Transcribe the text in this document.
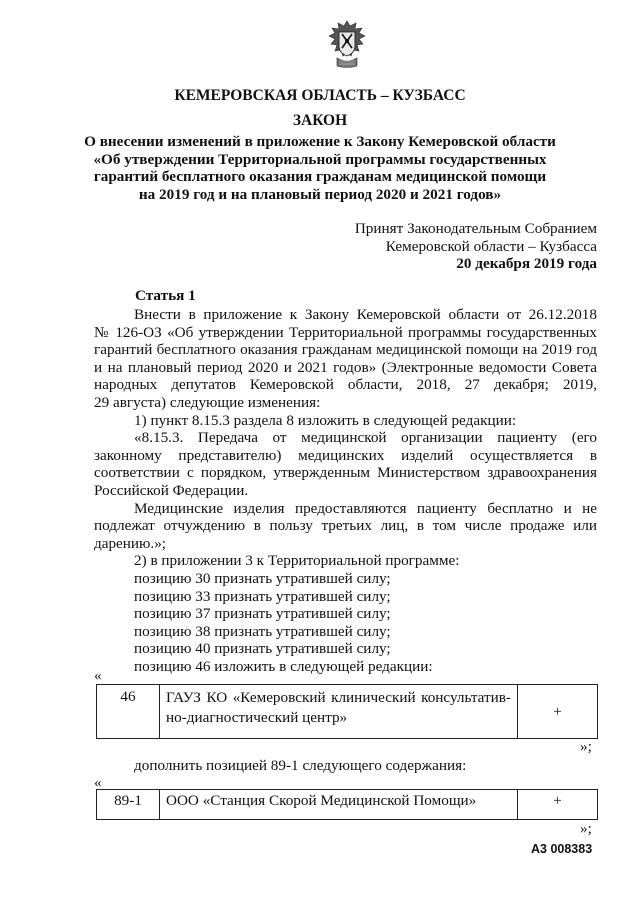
КЕМЕРОВСКАЯ ОБЛАСТЬ – КУЗБАСС
ЗАКОН
О внесении изменений в приложение к Закону Кемеровской области
«Об утверждении Территориальной программы государственных
гарантий бесплатного оказания гражданам медицинской помощи
на 2019 год и на плановый период 2020 и 2021 годов»
Принят Законодательным Собранием
Кемеровской области – Кузбасса
20 декабря 2019 года
Статья 1
Внести в приложение к Закону Кемеровской области от 26.12.2018
№ 126-ОЗ «Об утверждении Территориальной программы государственных
гарантий бесплатного оказания гражданам медицинской помощи на 2019 год
и на плановый период 2020 и 2021 годов» (Электронные ведомости Совета
народных депутатов Кемеровской области, 2018, 27 декабря; 2019,
29 августа) следующие изменения:
1) пункт 8.15.3 раздела 8 изложить в следующей редакции:
«8.15.3. Передача от медицинской организации пациенту (его
законному представителю) медицинских изделий осуществляется в
соответствии с порядком, утвержденным Министерством здравоохранения
Российской Федерации.
Медицинские изделия предоставляются пациенту бесплатно и не
подлежат отчуждению в пользу третьих лиц, в том числе продаже или
дарению.»;
2) в приложении 3 к Территориальной программе:
позицию 30 признать утратившей силу;
позицию 33 признать утратившей силу;
позицию 37 признать утратившей силу;
позицию 38 признать утратившей силу;
позицию 40 признать утратившей силу;
позицию 46 изложить в следующей редакции:
«
46	ГАУЗ КО «Кемеровский клинический консультатив-
но-диагностический центр»	+
»;
дополнить позицией 89-1 следующего содержания:
«
89-1	ООО «Станция Скорой Медицинской Помощи»	+
»;
А3 008383
